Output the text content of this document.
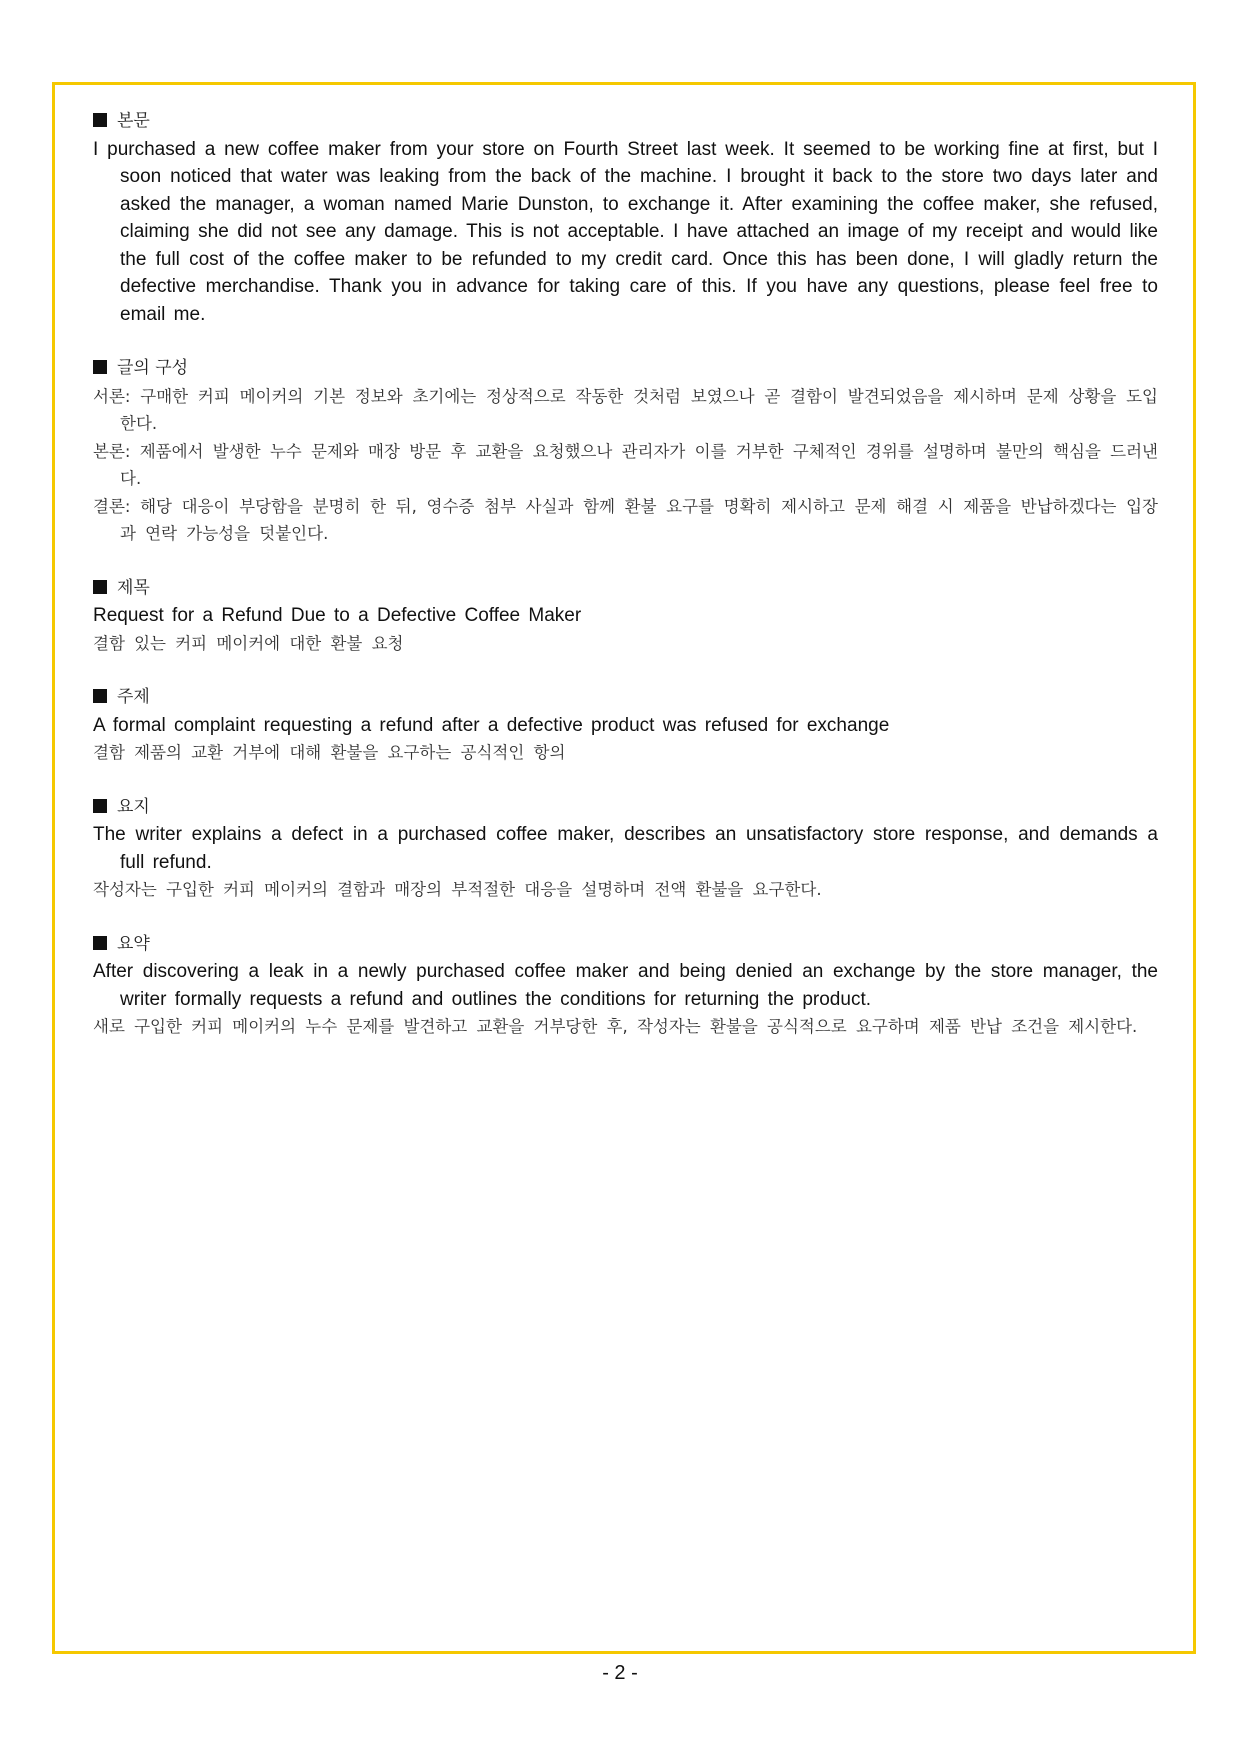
본문
I purchased a new coffee maker from your store on Fourth Street last week. It seemed to be working fine at first, but I soon noticed that water was leaking from the back of the machine. I brought it back to the store two days later and asked the manager, a woman named Marie Dunston, to exchange it. After examining the coffee maker, she refused, claiming she did not see any damage. This is not acceptable. I have attached an image of my receipt and would like the full cost of the coffee maker to be refunded to my credit card. Once this has been done, I will gladly return the defective merchandise. Thank you in advance for taking care of this. If you have any questions, please feel free to email me.
글의 구성
서론: 구매한 커피 메이커의 기본 정보와 초기에는 정상적으로 작동한 것처럼 보였으나 곧 결함이 발견되었음을 제시하며 문제 상황을 도입한다.
본론: 제품에서 발생한 누수 문제와 매장 방문 후 교환을 요청했으나 관리자가 이를 거부한 구체적인 경위를 설명하며 불만의 핵심을 드러낸다.
결론: 해당 대응이 부당함을 분명히 한 뒤, 영수증 첨부 사실과 함께 환불 요구를 명확히 제시하고 문제 해결 시 제품을 반납하겠다는 입장과 연락 가능성을 덧붙인다.
제목
Request for a Refund Due to a Defective Coffee Maker
결함 있는 커피 메이커에 대한 환불 요청
주제
A formal complaint requesting a refund after a defective product was refused for exchange
결함 제품의 교환 거부에 대해 환불을 요구하는 공식적인 항의
요지
The writer explains a defect in a purchased coffee maker, describes an unsatisfactory store response, and demands a full refund.
작성자는 구입한 커피 메이커의 결함과 매장의 부적절한 대응을 설명하며 전액 환불을 요구한다.
요약
After discovering a leak in a newly purchased coffee maker and being denied an exchange by the store manager, the writer formally requests a refund and outlines the conditions for returning the product.
새로 구입한 커피 메이커의 누수 문제를 발견하고 교환을 거부당한 후, 작성자는 환불을 공식적으로 요구하며 제품 반납 조건을 제시한다.
- 2 -
